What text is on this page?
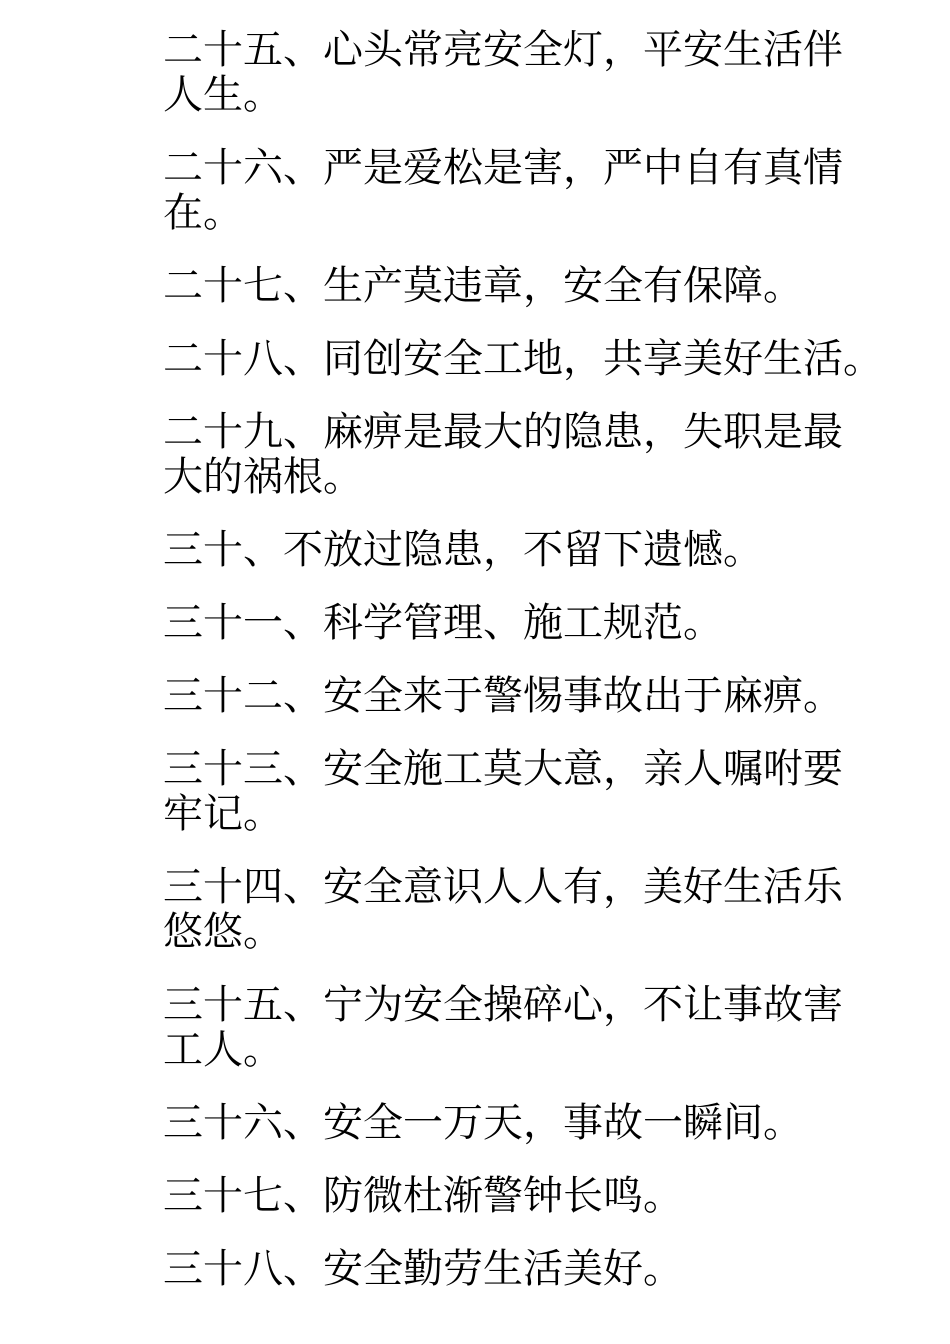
二十五、心头常亮安全灯，平安生活伴人生。
二十六、严是爱松是害，严中自有真情在。
二十七、生产莫违章，安全有保障。
二十八、同创安全工地，共享美好生活。
二十九、麻痹是最大的隐患，失职是最大的祸根。
三十、不放过隐患，不留下遗憾。
三十一、科学管理、施工规范。
三十二、安全来于警惕事故出于麻痹。
三十三、安全施工莫大意，亲人嘱咐要牢记。
三十四、安全意识人人有，美好生活乐悠悠。
三十五、宁为安全操碎心，不让事故害工人。
三十六、安全一万天，事故一瞬间。
三十七、防微杜渐警钟长鸣。
三十八、安全勤劳生活美好。
